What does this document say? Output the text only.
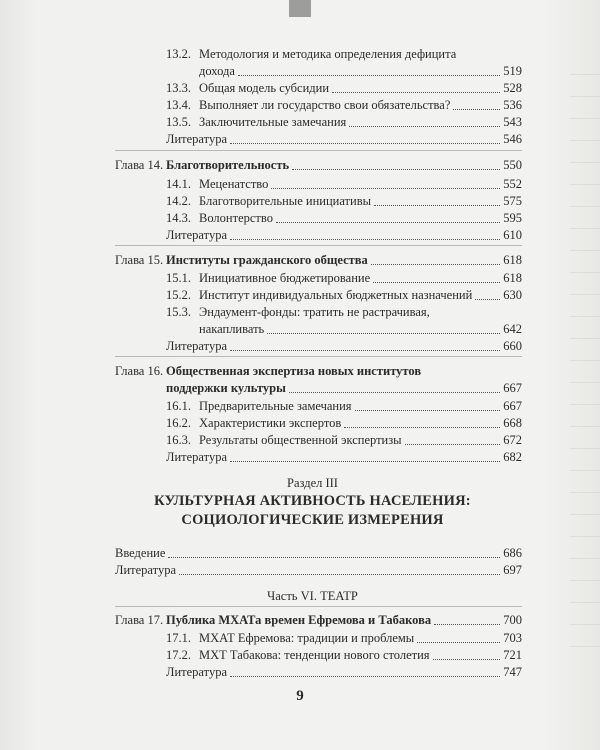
13.2. Методология и методика определения дефицита
дохода	519
13.3. Общая модель субсидии	528
13.4. Выполняет ли государство свои обязательства?	536
13.5. Заключительные замечания	543
Литература	546
Глава 14. Благотворительность	550
14.1. Меценатство	552
14.2. Благотворительные инициативы	575
14.3. Волонтерство	595
Литература	610
Глава 15. Институты гражданского общества	618
15.1. Инициативное бюджетирование	618
15.2. Институт индивидуальных бюджетных назначений 630
15.3. Эндаумент-фонды: тратить не растрачивая,
накапливать	642
Литература	660
Глава 16. Общественная экспертиза новых институтов
поддержки культуры	667
16.1. Предварительные замечания	667
16.2. Характеристики экспертов	668
16.3. Результаты общественной экспертизы	672
Литература	682
Раздел III
КУЛЬТУРНАЯ АКТИВНОСТЬ НАСЕЛЕНИЯ:
СОЦИОЛОГИЧЕСКИЕ ИЗМЕРЕНИЯ
Введение	686
Литература	697
Часть VI. ТЕАТР
Глава 17. Публика МХАТа времен Ефремова и Табакова	700
17.1. МХАТ Ефремова: традиции и проблемы	703
17.2. МХТ Табакова: тенденции нового столетия	721
Литература	747
9
